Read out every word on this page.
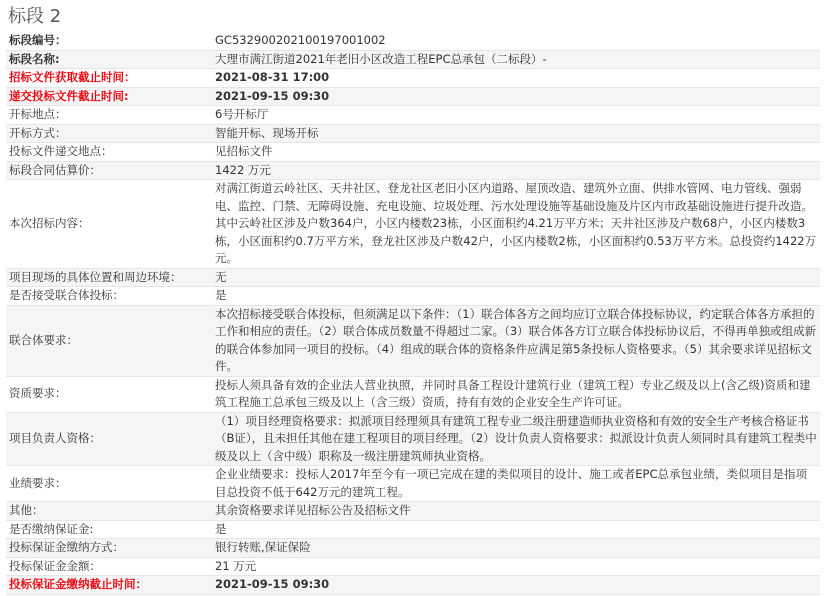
标段 2
标段编号：	GC532900202100197001002
标段名称:	大理市满江街道2021年老旧小区改造工程EPC总承包（二标段）-
招标文件获取截止时间：	2021-08-31 17:00
递交投标文件截止时间:	2021-09-15 09:30
开标地点：	6号开标厅
开标方式：	智能开标、现场开标
投标文件递交地点：	见招标文件
标段合同估算价：	1422 万元
本次招标内容：	对满江街道云岭社区、天井社区、登龙社区老旧小区内道路、屋顶改造、建筑外立面、供排水管网、电力管线、强弱电、监控、门禁、无障碍设施、充电设施、垃圾处理、污水处理设施等基础设施及片区内市政基础设施进行提升改造。其中云岭社区涉及户数364户，小区内楼数23栋，小区面积约4.21万平方米；天井社区涉及户数68户，小区内楼数3栋，小区面积约0.7万平方米，登龙社区涉及户数42户，小区内楼数2栋，小区面积约0.53万平方米。总投资约1422万元。
项目现场的具体位置和周边环境：	无
是否接受联合体投标：	是
联合体要求：	本次招标接受联合体投标，但须满足以下条件：（1）联合体各方之间均应订立联合体投标协议，约定联合体各方承担的工作和相应的责任。（2）联合体成员数量不得超过二家。（3）联合体各方订立联合体投标协议后，不得再单独或组成新的联合体参加同一项目的投标。（4）组成的联合体的资格条件应满足第5条投标人资格要求。（5）其余要求详见招标文件。
资质要求：	投标人须具备有效的企业法人营业执照，并同时具备工程设计建筑行业（建筑工程）专业乙级及以上(含乙级)资质和建筑工程施工总承包三级及以上（含三级）资质，持有有效的企业安全生产许可证。
项目负责人资格：	（1）项目经理资格要求：拟派项目经理须具有建筑工程专业二级注册建造师执业资格和有效的安全生产考核合格证书（B证），且未担任其他在建工程项目的项目经理。（2）设计负责人资格要求：拟派设计负责人须同时具有建筑工程类中级及以上（含中级）职称及一级注册建筑师执业资格。
业绩要求：	企业业绩要求：投标人2017年至今有一项已完成在建的类似项目的设计、施工或者EPC总承包业绩，类似项目是指项目总投资不低于642万元的建筑工程。
其他：	其余资格要求详见招标公告及招标文件
是否缴纳保证金:	是
投标保证金缴纳方式：	银行转账,保证保险
投标保证金金额：	21 万元
投标保证金缴纳截止时间：	2021-09-15 09:30
